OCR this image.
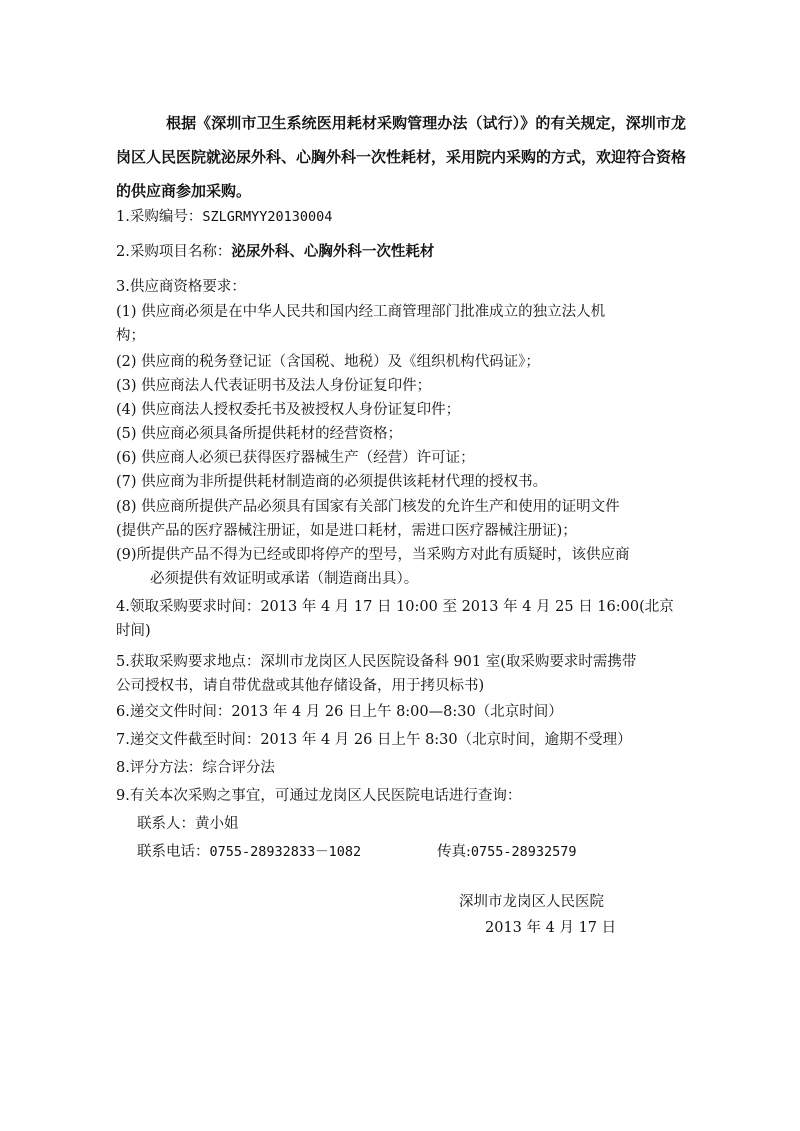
根据《深圳市卫生系统医用耗材采购管理办法（试行）》的有关规定，深圳市龙岗区人民医院就泌尿外科、心胸外科一次性耗材，采用院内采购的方式，欢迎符合资格的供应商参加采购。
1.采购编号：SZLGRMYY20130004
2.采购项目名称：泌尿外科、心胸外科一次性耗材
3.供应商资格要求：
(1) 供应商必须是在中华人民共和国内经工商管理部门批准成立的独立法人机
构；
(2) 供应商的税务登记证（含国税、地税）及《组织机构代码证》；
(3) 供应商法人代表证明书及法人身份证复印件；
(4) 供应商法人授权委托书及被授权人身份证复印件；
(5) 供应商必须具备所提供耗材的经营资格；
(6) 供应商人必须已获得医疗器械生产（经营）许可证；
(7) 供应商为非所提供耗材制造商的必须提供该耗材代理的授权书。
(8) 供应商所提供产品必须具有国家有关部门核发的允许生产和使用的证明文件
(提供产品的医疗器械注册证，如是进口耗材，需进口医疗器械注册证)；
(9)所提供产品不得为已经或即将停产的型号，当采购方对此有质疑时，该供应商
必须提供有效证明或承诺（制造商出具）。
4.领取采购要求时间：2013 年 4 月 17 日 10:00 至 2013 年 4 月 25 日 16:00(北京
时间)
5.获取采购要求地点：深圳市龙岗区人民医院设备科 901 室(取采购要求时需携带
公司授权书，请自带优盘或其他存储设备，用于拷贝标书)
6.递交文件时间：2013 年 4 月 26 日上午 8:00—8:30（北京时间）
7.递交文件截至时间：2013 年 4 月 26 日上午 8:30（北京时间，逾期不受理）
8.评分方法：综合评分法
9.有关本次采购之事宜，可通过龙岗区人民医院电话进行查询：
联系人：黄小姐
联系电话：0755-28932833－1082	传真:0755-28932579
深圳市龙岗区人民医院
2013 年 4 月 17 日
